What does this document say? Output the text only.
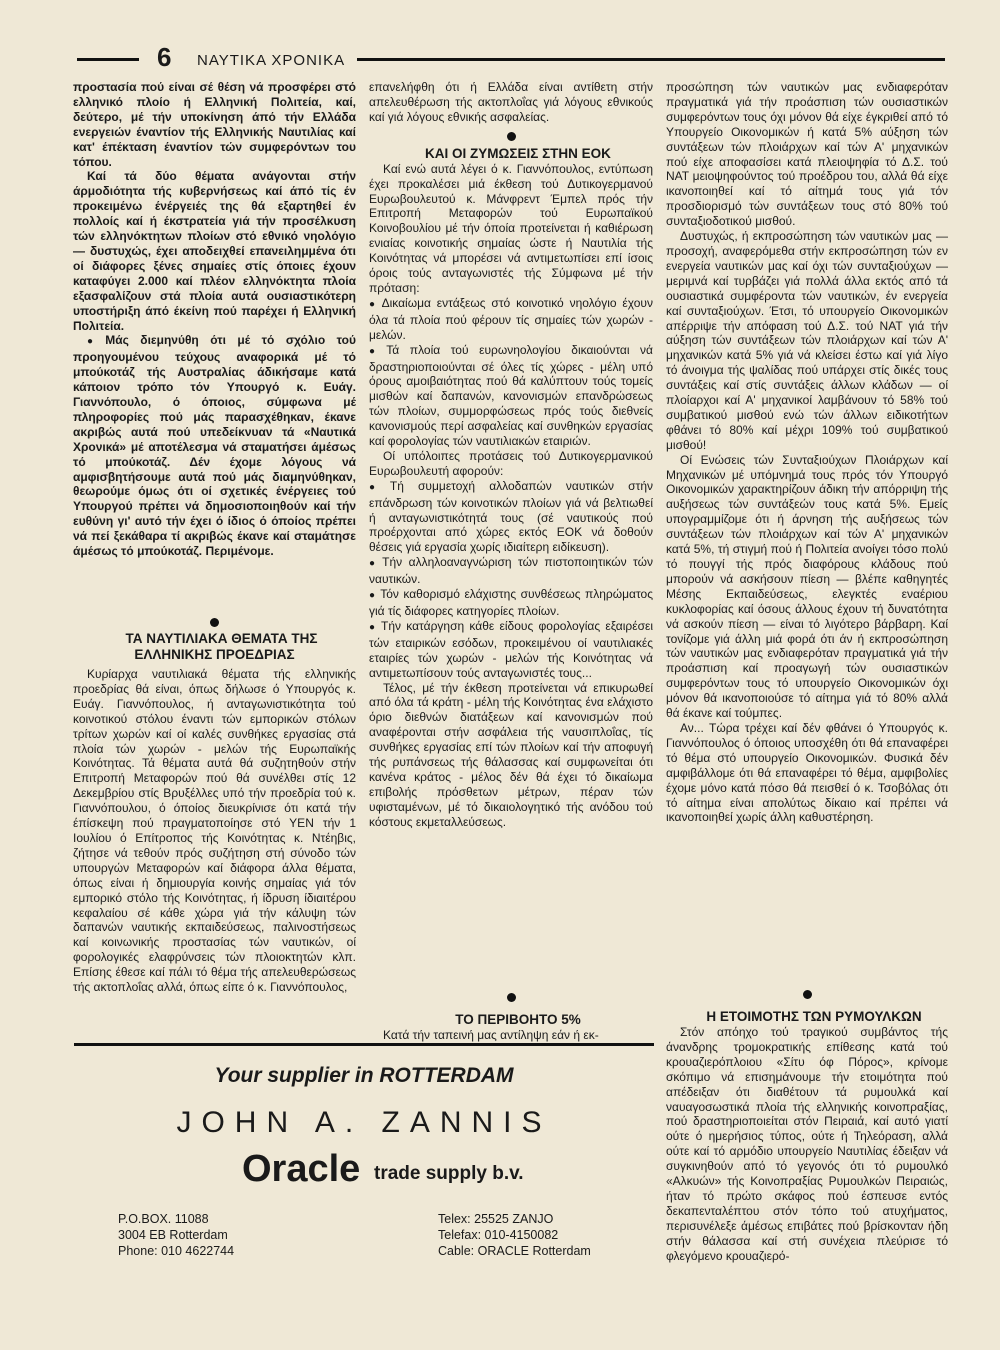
6 ΝΑΥΤΙΚΑ ΧΡΟΝΙΚΑ

προστασία πού είναι σέ θέση νά προσφέρει στό ελληνικό πλοίο ή Ελληνική Πολιτεία, καί, δεύτερο, μέ τήν υποκίνηση άπό τήν Ελλάδα ενεργειών έναντίον τής Ελληνικής Ναυτιλίας καί κατ' έπέκταση έναντίον τών συμφερόντων του τόπου.

Καί τά δύο θέματα ανάγονται στήν άρμοδιότητα τής κυβερνήσεως καί άπό τίς έν προκειμένω ένέργειές της θά εξαρτηθεί έν πολλοίς καί ή έκστρατεία γιά τήν προσέλκυση τών ελληνόκτητων πλοίων στό εθνικό νηολόγιο — δυστυχώς, έχει αποδειχθεί επανειλημμένα ότι οί διάφορες ξένες σημαίες στίς όποιες έχουν καταφύγει 2.000 καί πλέον ελληνόκτητα πλοία εξασφαλίζουν στά πλοία αυτά ουσιαστικότερη υποστήριξη άπό έκείνη πού παρέχει ή Ελληνική Πολιτεία.

● Μάς διεμηνύθη ότι μέ τό σχόλιο τού προηγουμένου τεύχους αναφορικά μέ τό μπούκοτάζ τής Αυστραλίας άδικήσαμε κατά κάποιον τρόπο τόν Υπουργό κ. Ευάγ. Γιαννόπουλο, ό όποιος, σύμφωνα μέ πληροφορίες πού μάς παρασχέθηκαν, έκανε ακριβώς αυτά πού υπεδείκνυαν τά «Ναυτικά Χρονικά» μέ αποτέλεσμα νά σταματήσει άμέσως τό μπούκοτάζ. Δέν έχομε λόγους νά αμφισβητήσουμε αυτά πού μάς διαμηνύθηκαν, θεωρούμε όμως ότι οί σχετικές ένέργειες τού Υπουργού πρέπει νά δημοσιοποιηθούν καί τήν ευθύνη γι' αυτό τήν έχει ό ίδιος ό όποίος πρέπει νά πεί ξεκάθαρα τί ακριβώς έκανε καί σταμάτησε άμέσως τό μπούκοτάζ. Περιμένομε.

ΤΑ ΝΑΥΤΙΛΙΑΚΑ ΘΕΜΑΤΑ ΤΗΣ ΕΛΛΗΝΙΚΗΣ ΠΡΟΕΔΡΙΑΣ

Κυρίαρχα ναυτιλιακά θέματα τής ελληνικής προεδρίας θά είναι, όπως δήλωσε ό Υπουργός κ. Ευάγ. Γιαννόπουλος, ή ανταγωνιστικότητα τού κοινοτικού στόλου έναντι τών εμπορικών στόλων τρίτων χωρών καί οί καλές συνθήκες εργασίας στά πλοία τών χωρών - μελών τής Ευρωπαϊκής Κοινότητας. Τά θέματα αυτά θά συζητηθούν στήν Επιτροπή Μεταφορών πού θά συνέλθει στίς 12 Δεκεμβρίου στίς Βρυξέλλες υπό τήν προεδρία τού κ. Γιαννόπουλου, ό όποίος διευκρίνισε ότι κατά τήν έπίσκεψη πού πραγματοποίησε στό ΥΕΝ τήν 1 Ιουλίου ό Επίτροπος τής Κοινότητας κ. Ντέηβις, ζήτησε νά τεθούν πρός συζήτηση στή σύνοδο τών υπουργών Μεταφορών καί διάφορα άλλα θέματα, όπως είναι ή δημιουργία κοινής σημαίας γιά τόν εμπορικό στόλο τής Κοινότητας, ή ίδρυση ίδιαιτέρου κεφαλαίου σέ κάθε χώρα γιά τήν κάλυψη τών δαπανών ναυτικής εκπαιδεύσεως, παλινοστήσεως καί κοινωνικής προστασίας τών ναυτικών, οί φορολογικές ελαφρύνσεις τών πλοιοκτητών κλπ. Επίσης έθεσε καί πάλι τό θέμα τής απελευθερώσεως τής ακτοπλοΐας αλλά, όπως είπε ό κ. Γιαννόπουλος,

επανελήφθη ότι ή Ελλάδα είναι αντίθετη στήν απελευθέρωση τής ακτοπλοΐας γιά λόγους εθνικούς καί γιά λόγους εθνικής ασφαλείας.

ΚΑΙ ΟΙ ΖΥΜΩΣΕΙΣ ΣΤΗΝ ΕΟΚ

Καί ενώ αυτά λέγει ό κ. Γιαννόπουλος, εντύπωση έχει προκαλέσει μιά έκθεση τού Δυτικογερμανού Ευρωβουλευτού κ. Μάνφρεντ Έμπελ πρός τήν Επιτροπή Μεταφορών τού Ευρωπαϊκού Κοινοβουλίου μέ τήν όποία προτείνεται ή καθιέρωση ενιαίας κοινοτικής σημαίας ώστε ή Ναυτιλία τής Κοινότητας νά μπορέσει νά αντιμετωπίσει επί ίσοις όροις τούς ανταγωνιστές τής Σύμφωνα μέ τήν πρόταση:

● Δικαίωμα εντάξεως στό κοινοτικό νηολόγιο έχουν όλα τά πλοία πού φέρουν τίς σημαίες τών χωρών - μελών.

● Τά πλοία τού ευρωνηολογίου δικαιούνται νά δραστηριοποιούνται σέ όλες τίς χώρες - μέλη υπό όρους αμοιβαιότητας πού θά καλύπτουν τούς τομείς μισθών καί δαπανών, κανονισμών επανδρώσεως τών πλοίων, συμμορφώσεως πρός τούς διεθνείς κανονισμούς περί ασφαλείας καί συνθηκών εργασίας καί φορολογίας τών ναυτιλιακών εταιριών.

Οί υπόλοιπες προτάσεις τού Δυτικογερμανικού Ευρωβουλευτή αφορούν:

● Τή συμμετοχή αλλοδαπών ναυτικών στήν επάνδρωση τών κοινοτικών πλοίων γιά νά βελτιωθεί ή ανταγωνιστικότητά τους (σέ ναυτικούς πού προέρχονται από χώρες εκτός ΕΟΚ νά δοθούν θέσεις γιά εργασία χωρίς ιδιαίτερη ειδίκευση).

● Τήν αλληλοαναγνώριση τών πιστοποιητικών τών ναυτικών.

● Τόν καθορισμό ελάχιστης συνθέσεως πληρώματος γιά τίς διάφορες κατηγορίες πλοίων.

● Τήν κατάργηση κάθε είδους φορολογίας εξαιρέσει τών εταιρικών εσόδων, προκειμένου οί ναυτιλιακές εταιρίες τών χωρών - μελών τής Κοινότητας νά αντιμετωπίσουν τούς ανταγωνιστές τους...

Τέλος, μέ τήν έκθεση προτείνεται νά επικυρωθεί από όλα τά κράτη - μέλη τής Κοινότητας ένα ελάχιστο όριο διεθνών διατάξεων καί κανονισμών πού αναφέρονται στήν ασφάλεια τής ναυσιπλοΐας, τίς συνθήκες εργασίας επί τών πλοίων καί τήν αποφυγή τής ρυπάνσεως τής θάλασσας καί συμφωνείται ότι κανένα κράτος - μέλος δέν θά έχει τό δικαίωμα επιβολής πρόσθετων μέτρων, πέραν τών υφισταμένων, μέ τό δικαιολογητικό τής ανόδου τού κόστους εκμεταλλεύσεως.

ΤΟ ΠΕΡΙΒΟΗΤΟ 5%

Κατά τήν ταπεινή μας αντίληψη εάν ή εκ-

προσώπηση τών ναυτικών μας ενδιαφερόταν πραγματικά γιά τήν προάσπιση τών ουσιαστικών συμφερόντων τους όχι μόνον θά είχε έγκριθεί από τό Υπουργείο Οικονομικών ή κατά 5% αύξηση τών συντάξεων τών πλοιάρχων καί τών Α' μηχανικών πού είχε αποφασίσει κατά πλειοψηφία τό Δ.Σ. τού ΝΑΤ μειοψηφούντος τού προέδρου του, αλλά θά είχε ικανοποιηθεί καί τό αίτημά τους γιά τόν προσδιορισμό τών συντάξεων τους στό 80% τού συνταξιοδοτικού μισθού.

Δυστυχώς, ή εκπροσώπηση τών ναυτικών μας — προσοχή, αναφερόμεθα στήν εκπροσώπηση τών εν ενεργεία ναυτικών μας καί όχι τών συνταξιούχων — μεριμνά καί τυρβάζει γιά πολλά άλλα εκτός από τά ουσιαστικά συμφέροντα τών ναυτικών, έν ενεργεία καί συνταξιούχων. Έτσι, τό υπουργείο Οικονομικών απέρριψε τήν απόφαση τού Δ.Σ. τού ΝΑΤ γιά τήν αύξηση τών συντάξεων τών πλοιάρχων καί τών Α' μηχανικών κατά 5% γιά νά κλείσει έστω καί γιά λίγο τό άνοιγμα τής ψαλίδας πού υπάρχει στίς δικές τους συντάξεις καί στίς συντάξεις άλλων κλάδων — οί πλοίαρχοι καί Α' μηχανικοί λαμβάνουν τό 58% τού συμβατικού μισθού ενώ τών άλλων ειδικοτήτων φθάνει τό 80% καί μέχρι 109% τού συμβατικού μισθού!

Οί Ενώσεις τών Συνταξιούχων Πλοιάρχων καί Μηχανικών μέ υπόμνημά τους πρός τόν Υπουργό Οικονομικών χαρακτηρίζουν άδικη τήν απόρριψη τής αυξήσεως τών συντάξεών τους κατά 5%. Εμείς υπογραμμίζομε ότι ή άρνηση τής αυξήσεως τών συντάξεων τών πλοιάρχων καί τών Α' μηχανικών κατά 5%, τή στιγμή πού ή Πολιτεία ανοίγει τόσο πολύ τό πουγγί τής πρός διαφόρους κλάδους πού μπορούν νά ασκήσουν πίεση — βλέπε καθηγητές Μέσης Εκπαιδεύσεως, ελεγκτές εναέριου κυκλοφορίας καί όσους άλλους έχουν τή δυνατότητα νά ασκούν πίεση — είναι τό λιγότερο βάρβαρη. Καί τονίζομε γιά άλλη μιά φορά ότι άν ή εκπροσώπηση τών ναυτικών μας ενδιαφερόταν πραγματικά γιά τήν προάσπιση καί προαγωγή τών ουσιαστικών συμφερόντων τους τό υπουργείο Οικονομικών όχι μόνον θά ικανοποιούσε τό αίτημα γιά τό 80% αλλά θά έκανε καί τούμπες.

Αν... Τώρα τρέχει καί δέν φθάνει ό Υπουργός κ. Γιαννόπουλος ό όποιος υποσχέθη ότι θά επαναφέρει τό θέμα στό υπουργείο Οικονομικών. Φυσικά δέν αμφιβάλλομε ότι θά επαναφέρει τό θέμα, αμφιβολίες έχομε μόνο κατά πόσο θά πεισθεί ό κ. Τσοβόλας ότι τό αίτημα είναι απολύτως δίκαιο καί πρέπει νά ικανοποιηθεί χωρίς άλλη καθυστέρηση.

Η ΕΤΟΙΜΟΤΗΣ ΤΩΝ ΡΥΜΟΥΛΚΩΝ

Στόν απόηχο τού τραγικού συμβάντος τής άνανδρης τρομοκρατικής επίθεσης κατά τού κρουαζιερόπλοιου «Σίτυ όφ Πόρος», κρίνομε σκόπιμο νά επισημάνουμε τήν ετοιμότητα πού απέδειξαν ότι διαθέτουν τά ρυμουλκά καί ναυαγοσωστικά πλοία τής ελληνικής κοινοπραξίας, πού δραστηριοποιείται στόν Πειραιά, καί αυτό γιατί ούτε ό ημερήσιος τύπος, ούτε ή Τηλεόραση, αλλά ούτε καί τό αρμόδιο υπουργείο Ναυτιλίας έδειξαν νά συγκινηθούν από τό γεγονός ότι τό ρυμουλκό «Αλκυών» τής Κοινοπραξίας Ρυμουλκών Πειραιώς, ήταν τό πρώτο σκάφος πού έσπευσε εντός δεκαπενταλέπτου στόν τόπο τού ατυχήματος, περισυνέλεξε άμέσως επιβάτες πού βρίσκονταν ήδη στήν θάλασσα καί στή συνέχεια πλεύρισε τό φλεγόμενο κρουαζιερό-

Your supplier in ROTTERDAM
JOHN A. ZANNIS
Oracle trade supply b.v.
P.O.BOX. 11088
3004 EB Rotterdam
Phone: 010 4622744
Telex: 25525 ZANJO
Telefax: 010-4150082
Cable: ORACLE Rotterdam
